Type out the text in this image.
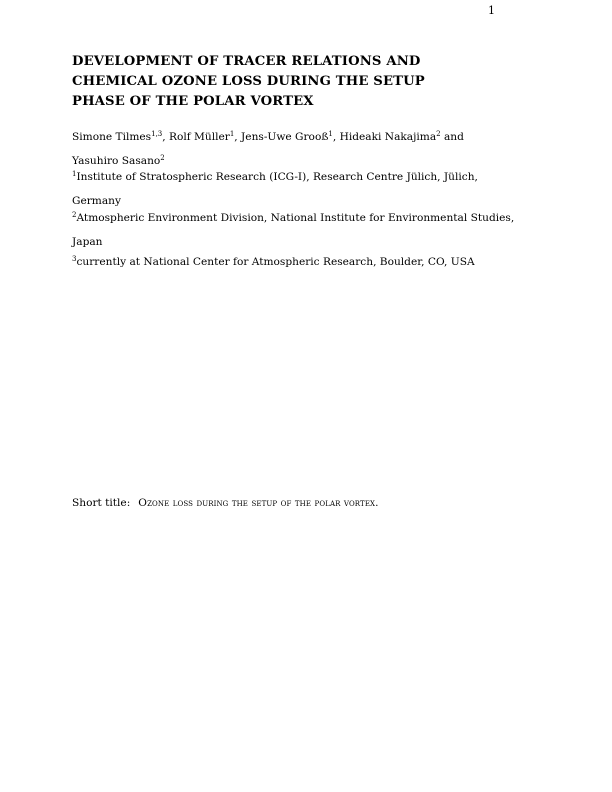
1
DEVELOPMENT OF TRACER RELATIONS AND
CHEMICAL OZONE LOSS DURING THE SETUP
PHASE OF THE POLAR VORTEX
Simone Tilmes$^{1,3}$, Rolf Müller$^1$, Jens-Uwe Grooß$^1$, Hideaki Nakajima$^2$ and
Yasuhiro Sasano$^2$
$^1$Institute of Stratospheric Research (ICG-I), Research Centre Jülich, Jülich,
Germany
$^2$Atmospheric Environment Division, National Institute for Environmental Studies,
Japan
$^3$currently at National Center for Atmospheric Research, Boulder, CO, USA
Short title: Ozone loss during the setup of the polar vortex.
